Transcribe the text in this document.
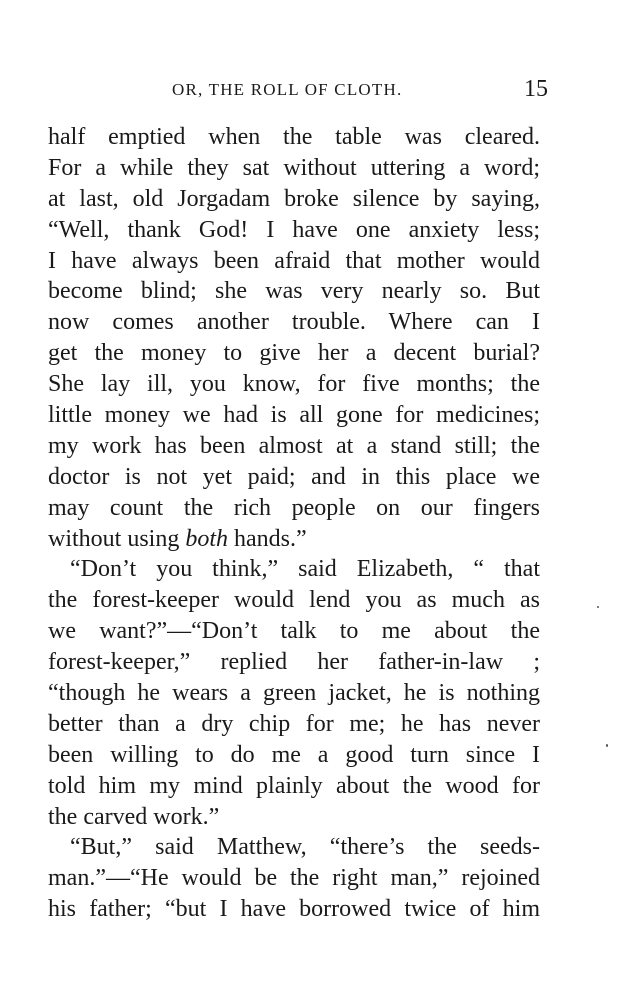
OR, THE ROLL OF CLOTH.	15
half emptied when the table was cleared.
For a while they sat without uttering a word;
at last, old Jorgadam broke silence by saying,
“Well, thank God! I have one anxiety less;
I have always been afraid that mother would
become blind; she was very nearly so. But
now comes another trouble. Where can I
get the money to give her a decent burial?
She lay ill, you know, for five months; the
little money we had is all gone for medicines;
my work has been almost at a stand still; the
doctor is not yet paid; and in this place we
may count the rich people on our fingers
without using both hands.”
“Don’t you think,” said Elizabeth, “ that
the forest-keeper would lend you as much as
we want?”—“Don’t talk to me about the
forest-keeper,” replied her father-in-law ;
“though he wears a green jacket, he is nothing
better than a dry chip for me; he has never
been willing to do me a good turn since I
told him my mind plainly about the wood for
the carved work.”
“But,” said Matthew, “there’s the seeds-
man.”—“He would be the right man,” rejoined
his father; “but I have borrowed twice of him
